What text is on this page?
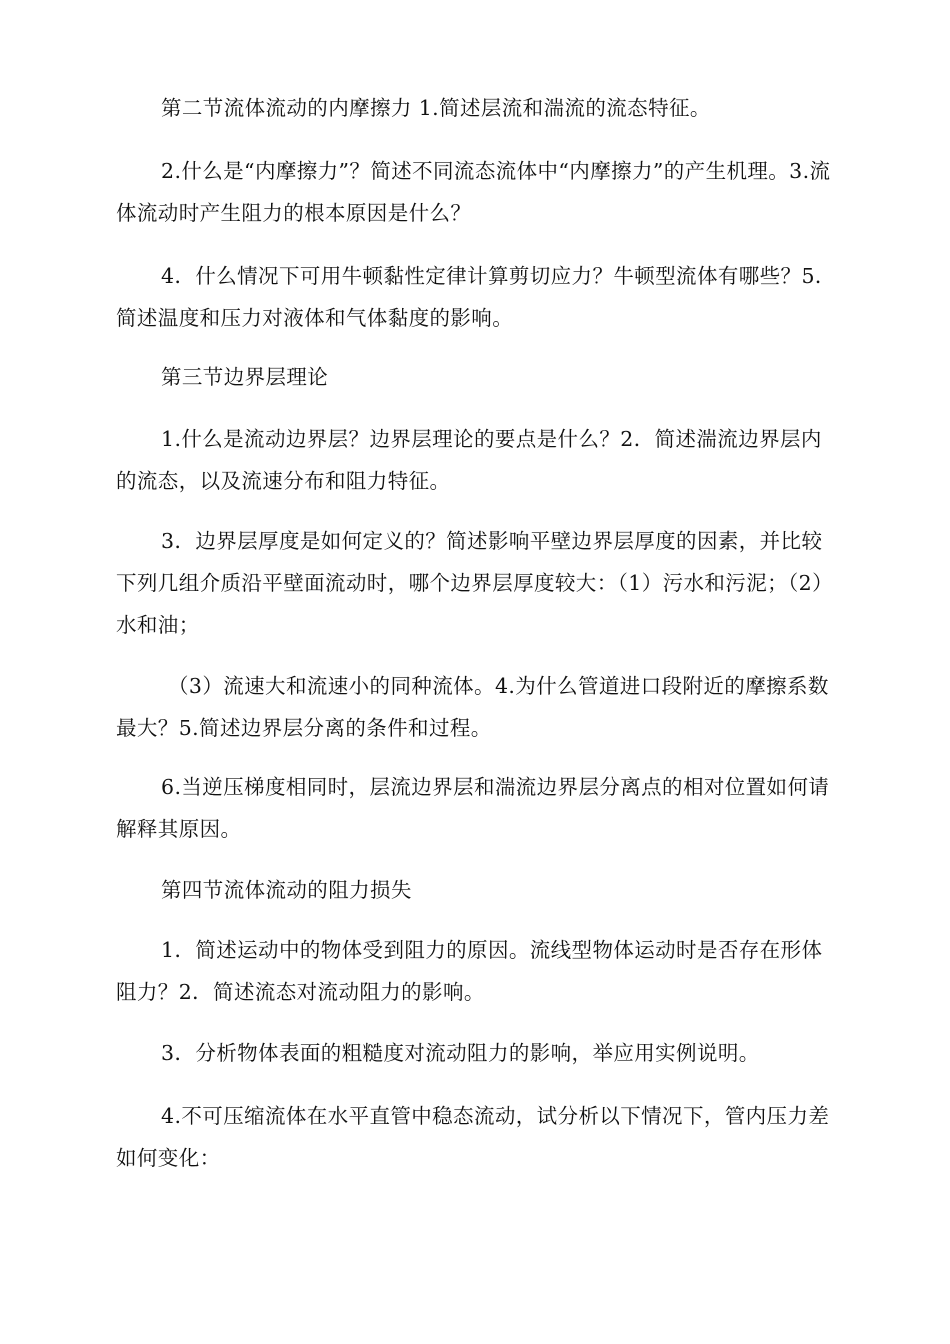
第二节流体流动的内摩擦力 1.简述层流和湍流的流态特征。

2.什么是“内摩擦力”？简述不同流态流体中“内摩擦力”的产生机理。3.流体流动时产生阻力的根本原因是什么？

4．什么情况下可用牛顿黏性定律计算剪切应力？牛顿型流体有哪些？5．简述温度和压力对液体和气体黏度的影响。

第三节边界层理论

1.什么是流动边界层？边界层理论的要点是什么？2．简述湍流边界层内的流态，以及流速分布和阻力特征。

3．边界层厚度是如何定义的？简述影响平壁边界层厚度的因素，并比较下列几组介质沿平壁面流动时，哪个边界层厚度较大：（1）污水和污泥；（2）水和油；

（3）流速大和流速小的同种流体。4.为什么管道进口段附近的摩擦系数最大？5.简述边界层分离的条件和过程。

6.当逆压梯度相同时，层流边界层和湍流边界层分离点的相对位置如何请解释其原因。

第四节流体流动的阻力损失

1．简述运动中的物体受到阻力的原因。流线型物体运动时是否存在形体阻力？2．简述流态对流动阻力的影响。

3．分析物体表面的粗糙度对流动阻力的影响，举应用实例说明。

4.不可压缩流体在水平直管中稳态流动，试分析以下情况下，管内压力差如何变化：
